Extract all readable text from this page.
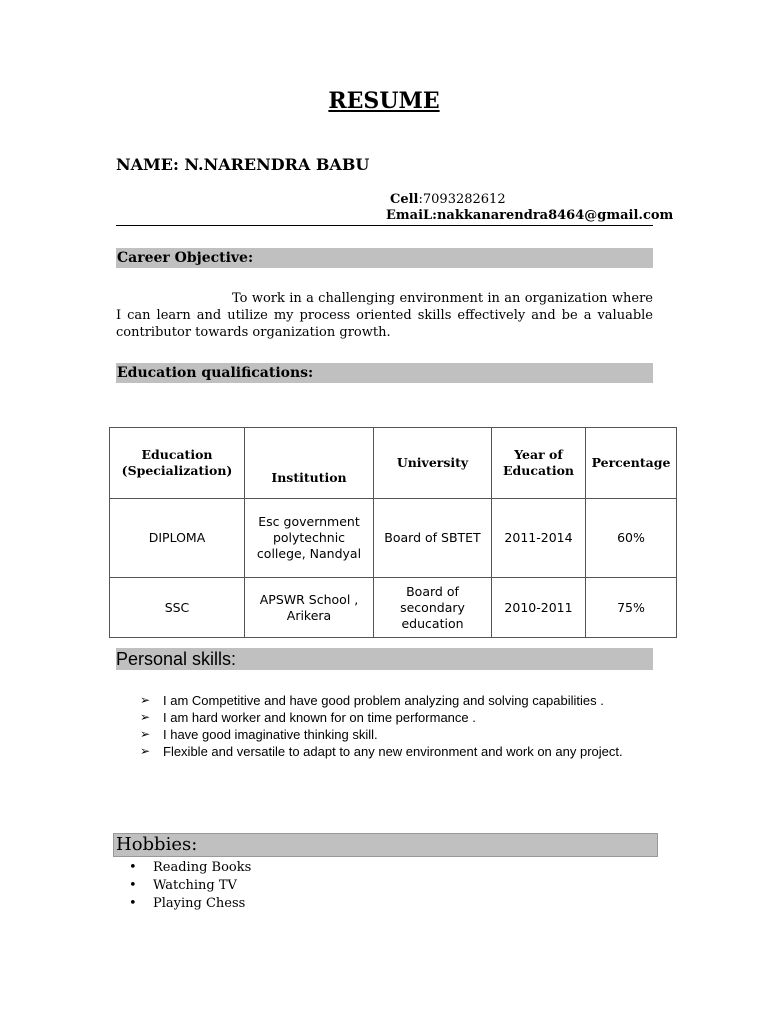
RESUME
NAME: N.NARENDRA BABU
Cell:7093282612
EmaiL:nakkanarendra8464@gmail.com
Career Objective:
To work in a challenging environment in an organization where I can learn and utilize my process oriented skills effectively and be a valuable contributor towards organization growth.
Education qualifications:
Education (Specialization)	Institution	University	Year of Education	Percentage
DIPLOMA	Esc government polytechnic college, Nandyal	Board of SBTET	2011-2014	60%
SSC	APSWR School , Arikera	Board of secondary education	2010-2011	75%
Personal skills:
➢ I am Competitive and have good problem analyzing and solving capabilities .
➢ I am hard worker and known for on time performance .
➢ I have good imaginative thinking skill.
➢ Flexible and versatile to adapt to any new environment and work on any project.
Hobbies:
• Reading Books
• Watching TV
• Playing Chess
